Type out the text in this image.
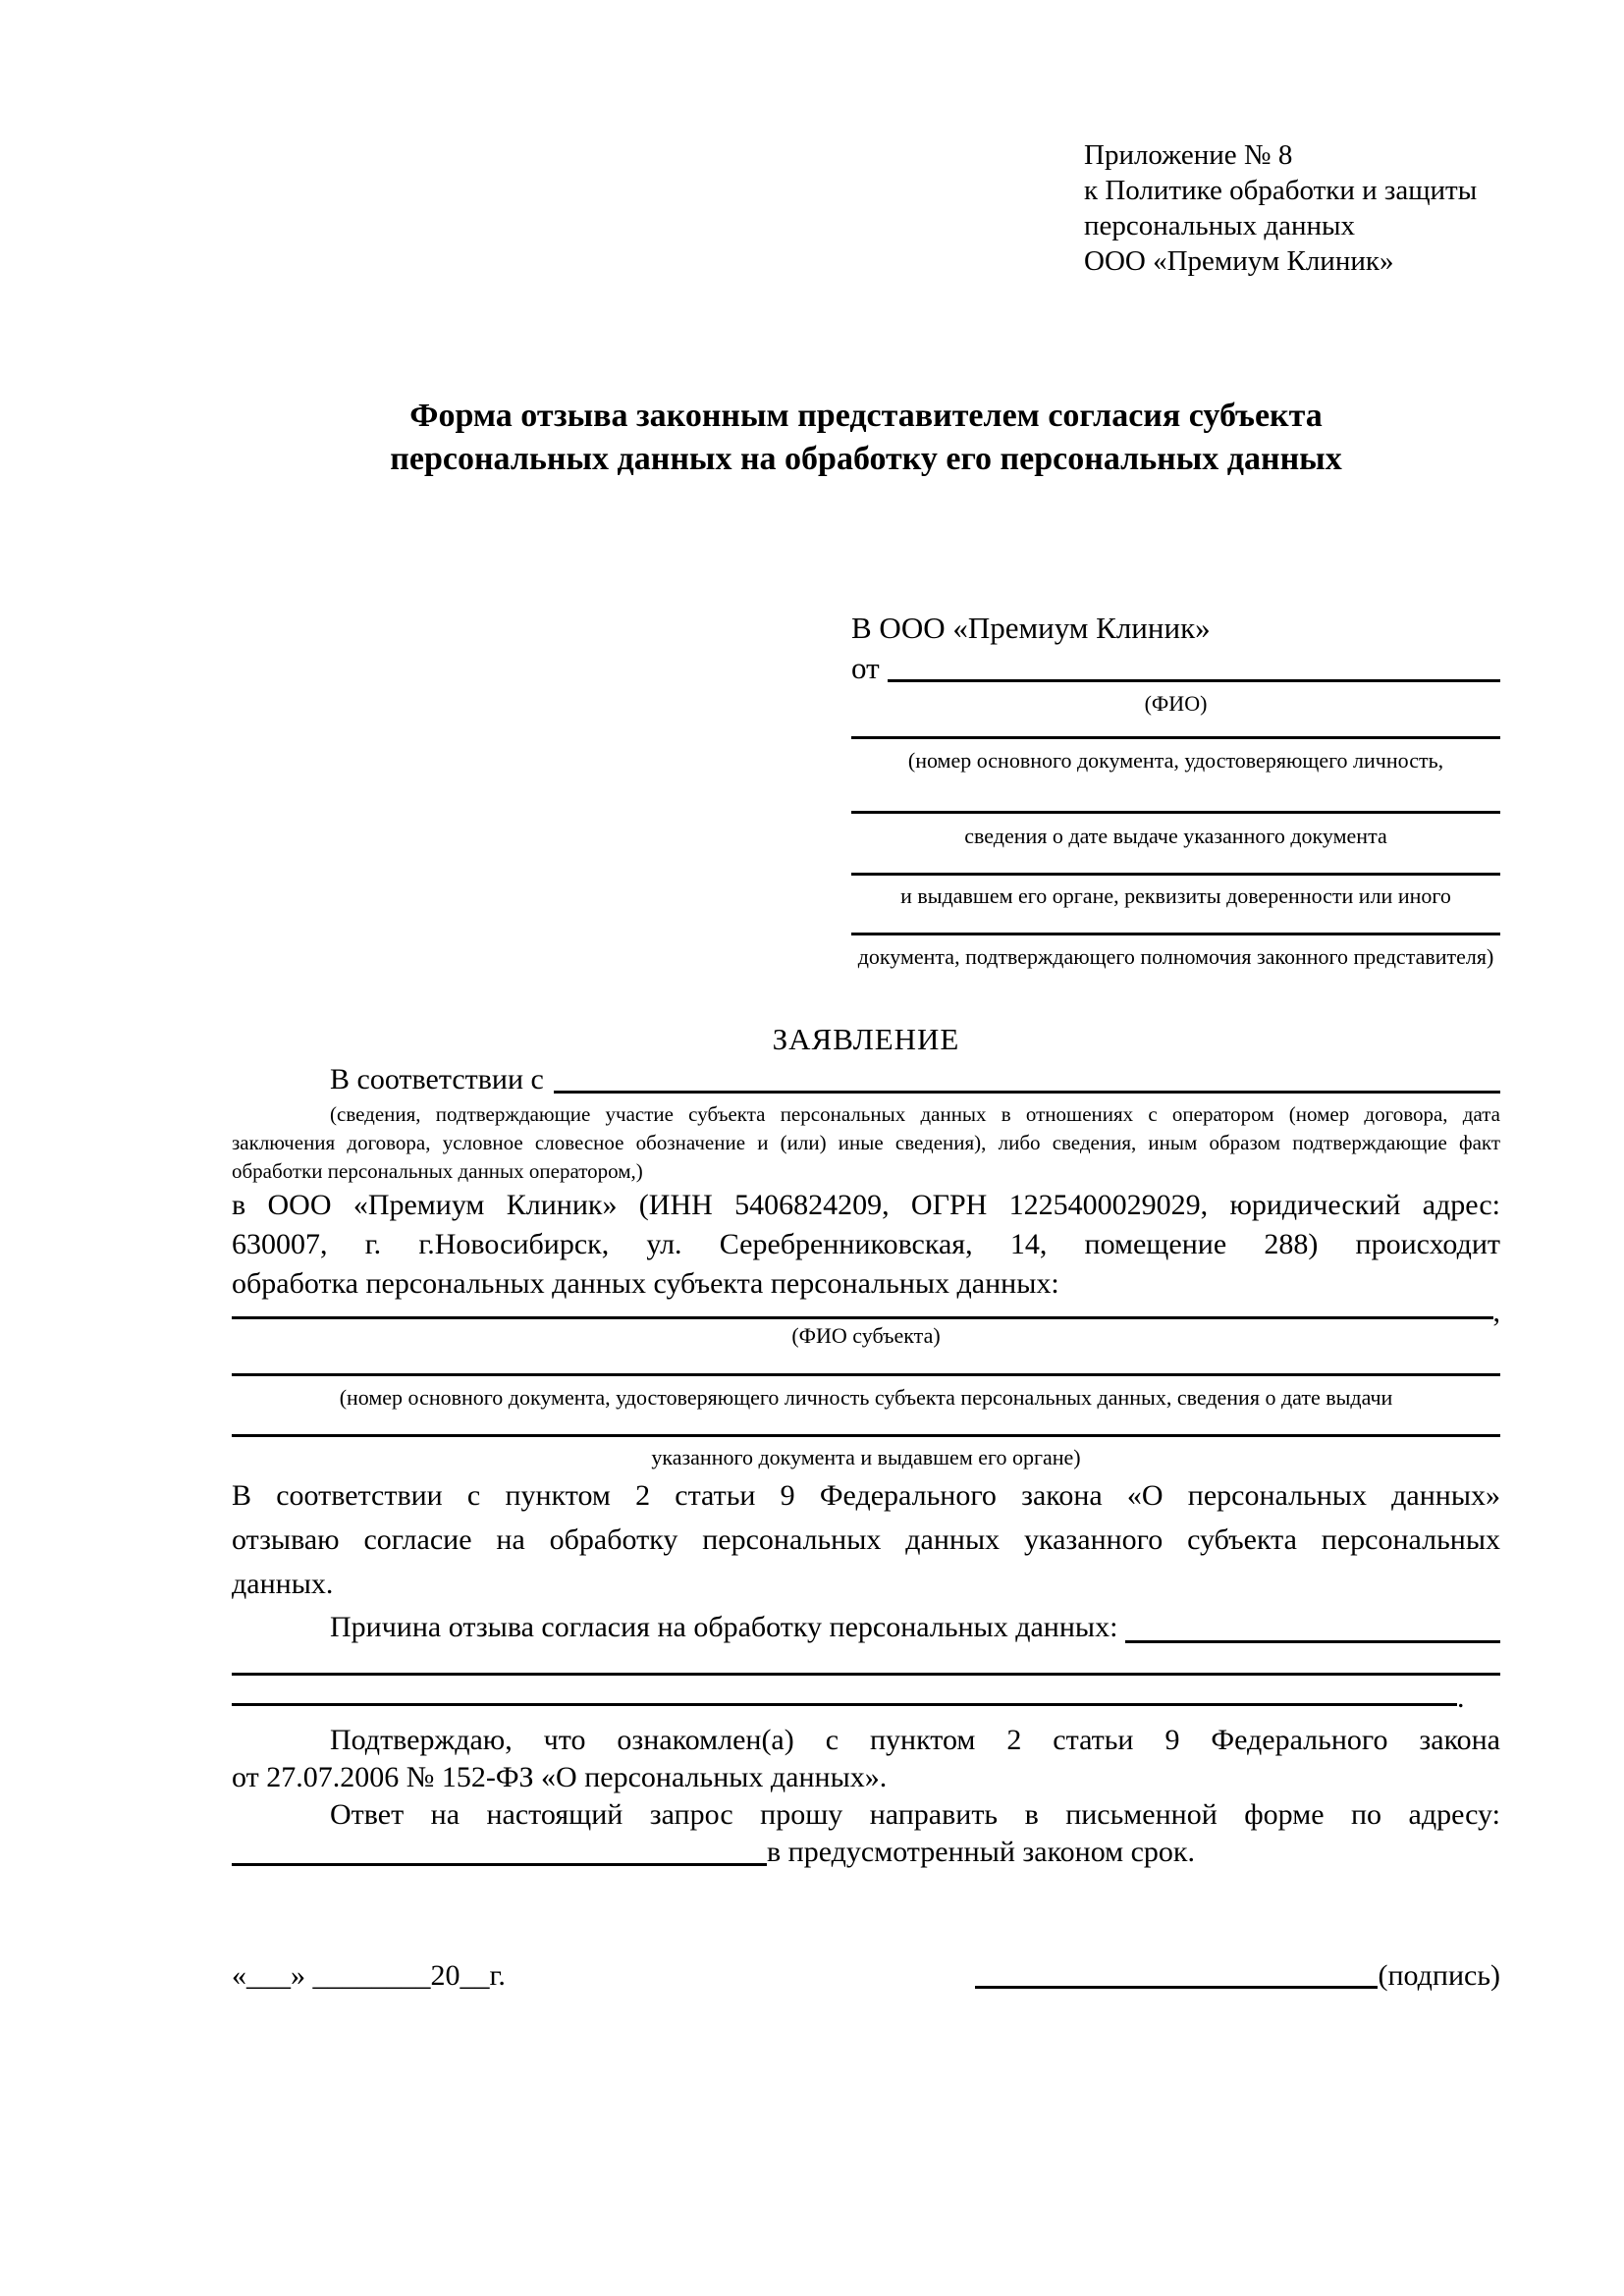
Приложение № 8
к Политике обработки и защиты
персональных данных
ООО «Премиум Клиник»
Форма отзыва законным представителем согласия субъекта
персональных данных на обработку его персональных данных
В ООО «Премиум Клиник»
от
(ФИО)
(номер основного документа, удостоверяющего личность,
сведения о дате выдаче указанного документа
и выдавшем его органе, реквизиты доверенности или иного
документа, подтверждающего полномочия законного представителя)
ЗАЯВЛЕНИЕ
В соответствии с
(сведения, подтверждающие участие субъекта персональных данных в отношениях с оператором (номер договора, дата
заключения договора, условное словесное обозначение и (или) иные сведения), либо сведения, иным образом подтверждающие факт
обработки персональных данных оператором,)
в ООО «Премиум Клиник» (ИНН 5406824209, ОГРН 1225400029029, юридический адрес:
630007, г. г.Новосибирск, ул. Серебренниковская, 14, помещение 288) происходит
обработка персональных данных субъекта персональных данных:
,
(ФИО субъекта)
(номер основного документа, удостоверяющего личность субъекта персональных данных, сведения о дате выдачи
указанного документа и выдавшем его органе)
В соответствии с пунктом 2 статьи 9 Федерального закона «О персональных данных»
отзываю согласие на обработку персональных данных указанного субъекта персональных
данных.
Причина отзыва согласия на обработку персональных данных:
.
Подтверждаю, что ознакомлен(а) с пунктом 2 статьи 9 Федерального закона
от 27.07.2006 № 152-ФЗ «О персональных данных».
Ответ на настоящий запрос прошу направить в письменной форме по адресу:
в предусмотренный законом срок.
«___» ________20__г.	(подпись)
